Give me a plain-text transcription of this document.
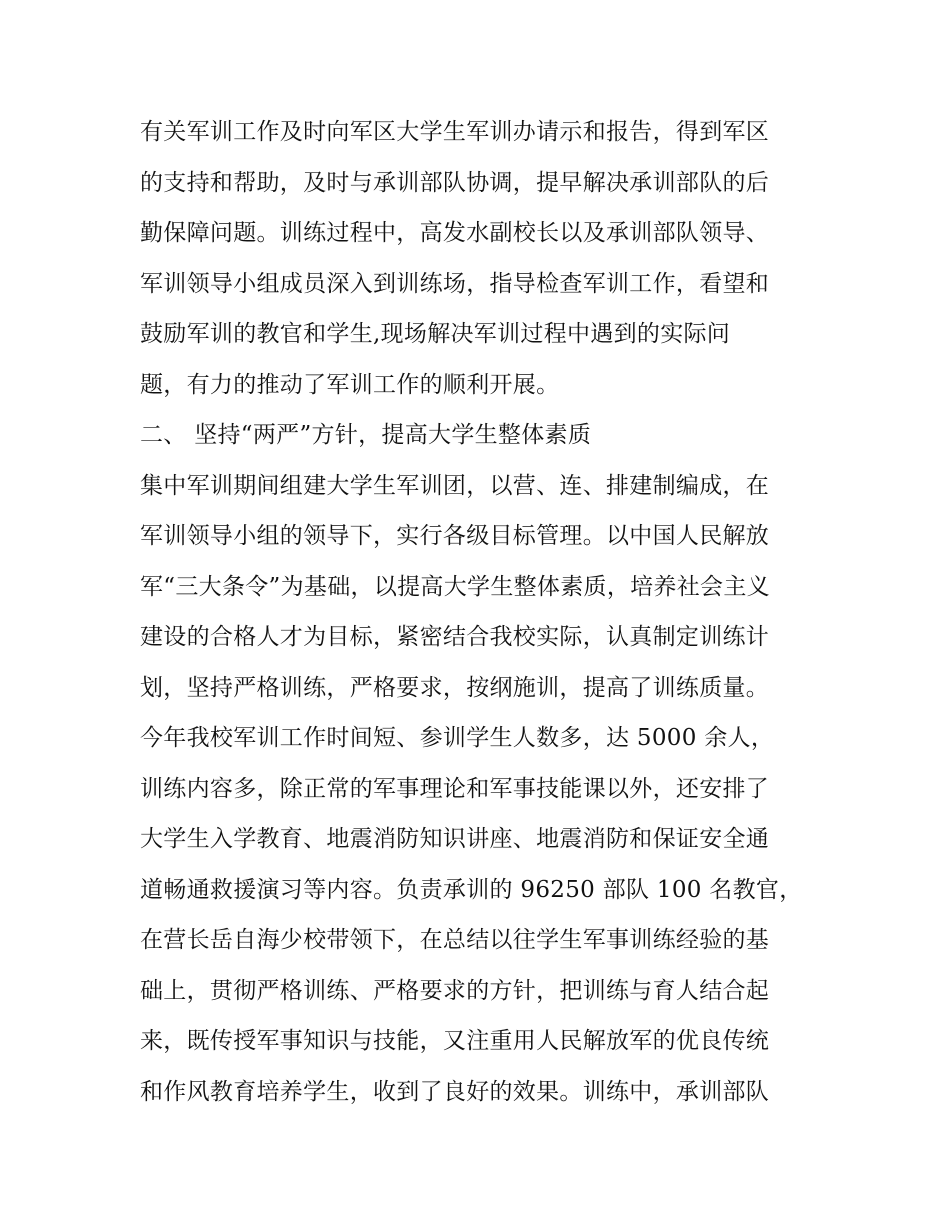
有关军训工作及时向军区大学生军训办请示和报告，得到军区
的支持和帮助，及时与承训部队协调，提早解决承训部队的后
勤保障问题。训练过程中，高发水副校长以及承训部队领导、
军训领导小组成员深入到训练场，指导检查军训工作，看望和
鼓励军训的教官和学生,现场解决军训过程中遇到的实际问
题，有力的推动了军训工作的顺利开展。
二、 坚持“两严”方针，提高大学生整体素质
集中军训期间组建大学生军训团，以营、连、排建制编成，在
军训领导小组的领导下，实行各级目标管理。以中国人民解放
军“三大条令”为基础，以提高大学生整体素质，培养社会主义
建设的合格人才为目标，紧密结合我校实际，认真制定训练计
划，坚持严格训练，严格要求，按纲施训，提高了训练质量。
今年我校军训工作时间短、参训学生人数多，达 5000 余人，
训练内容多，除正常的军事理论和军事技能课以外，还安排了
大学生入学教育、地震消防知识讲座、地震消防和保证安全通
道畅通救援演习等内容。负责承训的 96250 部队 100 名教官，
在营长岳自海少校带领下，在总结以往学生军事训练经验的基
础上，贯彻严格训练、严格要求的方针，把训练与育人结合起
来，既传授军事知识与技能，又注重用人民解放军的优良传统
和作风教育培养学生，收到了良好的效果。训练中，承训部队
